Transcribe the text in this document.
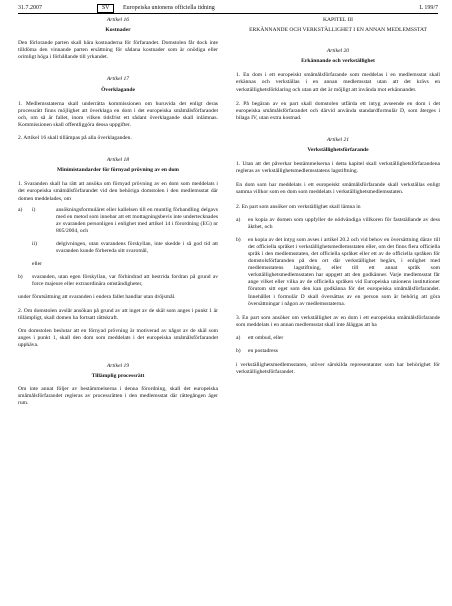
31.7.2007	SV	Europeiska unionens officiella tidning	L 199/7

Artikel 16

Kostnader

Den förlorande parten skall bära kostnaderna för förfarandet. Domstolen får dock inte tilldöma den vinnande parten ersättning för sådana kostnader som är onödiga eller orimligt höga i förhållande till yrkandet.

Artikel 17

Överklagande

1. Medlemsstaterna skall underrätta kommissionen om huruvida det enligt deras processrätt finns möjlighet att överklaga en dom i det europeiska småmålsförfarandet och, om så är fallet, inom vilken tidsfrist ett sådant överklagande skall inlämnas. Kommissionen skall offentliggöra dessa uppgifter.

2. Artikel 16 skall tillämpas på alla överklaganden.

Artikel 18

Minimistandarder för förnyad prövning av en dom

1. Svaranden skall ha rätt att ansöka om förnyad prövning av en dom som meddelats i det europeiska småmålsförfarandet vid den behöriga domstolen i den medlemsstat där domen meddelades, om

a)	i)	ansökningsformuläret eller kallelsen till en muntlig förhandling delgavs med en metod som innebar att ett mottagningsbevis inte undertecknades av svaranden personligen i enlighet med artikel 14 i förordning (EG) nr 805/2004, och

ii)	delgivningen, utan svarandens förskyllan, inte skedde i så god tid att svaranden kunde förbereda sitt svaromål,

eller

b)	svaranden, utan egen förskyllan, var förhindrad att bestrida fordran på grund av force majeure eller extraordinära omständigheter,

under förutsättning att svaranden i endera fallet handlar utan dröjsmål.

2. Om domstolen avslår ansökan på grund av att inget av de skäl som anges i punkt 1 är tillämpligt, skall domen ha fortsatt rättskraft.

Om domstolen beslutar att en förnyad prövning är motiverad av något av de skäl som anges i punkt 1, skall den dom som meddelats i det europeiska småmålsförfarandet upphäva.

Artikel 19

Tillämplig processrätt

Om inte annat följer av bestämmelserna i denna förordning, skall det europeiska småmålsförfarandet regleras av processrätten i den medlemsstat där rättegången äger rum.

KAPITEL III

ERKÄNNANDE OCH VERKSTÄLLIGHET I EN ANNAN MEDLEMSSTAT

Artikel 20

Erkännande och verkställighet

1. En dom i ett europeiskt småmålsförfarande som meddelas i en medlemsstat skall erkännas och verkställas i en annan medlemsstat utan att det krävs en verkställighetsförklaring och utan att det är möjligt att invända mot erkännandet.

2. På begäran av en part skall domstolen utfärda ett intyg avseende en dom i det europeiska småmålsförfarandet och därvid använda standardformulär D, som återges i bilaga IV, utan extra kostnad.

Artikel 21

Verkställighetsförfarande

1. Utan att det påverkar bestämmelserna i detta kapitel skall verkställighetsförfarandena regleras av verkställighetsmedlemsstatens lagstiftning.

En dom som har meddelats i ett europeiskt småmålsförfarande skall verkställas enligt samma villkor som en dom som meddelats i verkställighetsmedlemsstaten.

2. En part som ansöker om verkställighet skall lämna in

a)	en kopia av domen som uppfyller de nödvändiga villkoren för fastställande av dess äkthet, och

b)	en kopia av det intyg som avses i artikel 20.2 och vid behov en översättning därav till det officiella språket i verkställighetsmedlemsstaten eller, om det finns flera officiella språk i den medlemsstaten, det officiella språket eller ett av de officiella språken för domstolsförfaranden på den ort där verkställighet begärs, i enlighet med medlemsstatens lagstiftning, eller till ett annat språk som verkställighetsmedlemsstaten har uppgett att den godkänner. Varje medlemsstat får ange vilket eller vilka av de officiella språken vid Europeiska unionens institutioner förutom sitt eget som den kan godkänna för det europeiska småmålsförfarandet. Innehållet i formulär D skall översättas av en person som är behörig att göra översättningar i någon av medlemsstaterna.

3. En part som ansöker om verkställighet av en dom i ett europeiska småmålsförfarande som meddelats i en annan medlemsstat skall inte åläggas att ha

a)	ett ombud, eller

b)	en postadress

i verkställighetsmedlemsstaten, utöver särskilda representanter som har behörighet för verkställighetsförfarandet.
